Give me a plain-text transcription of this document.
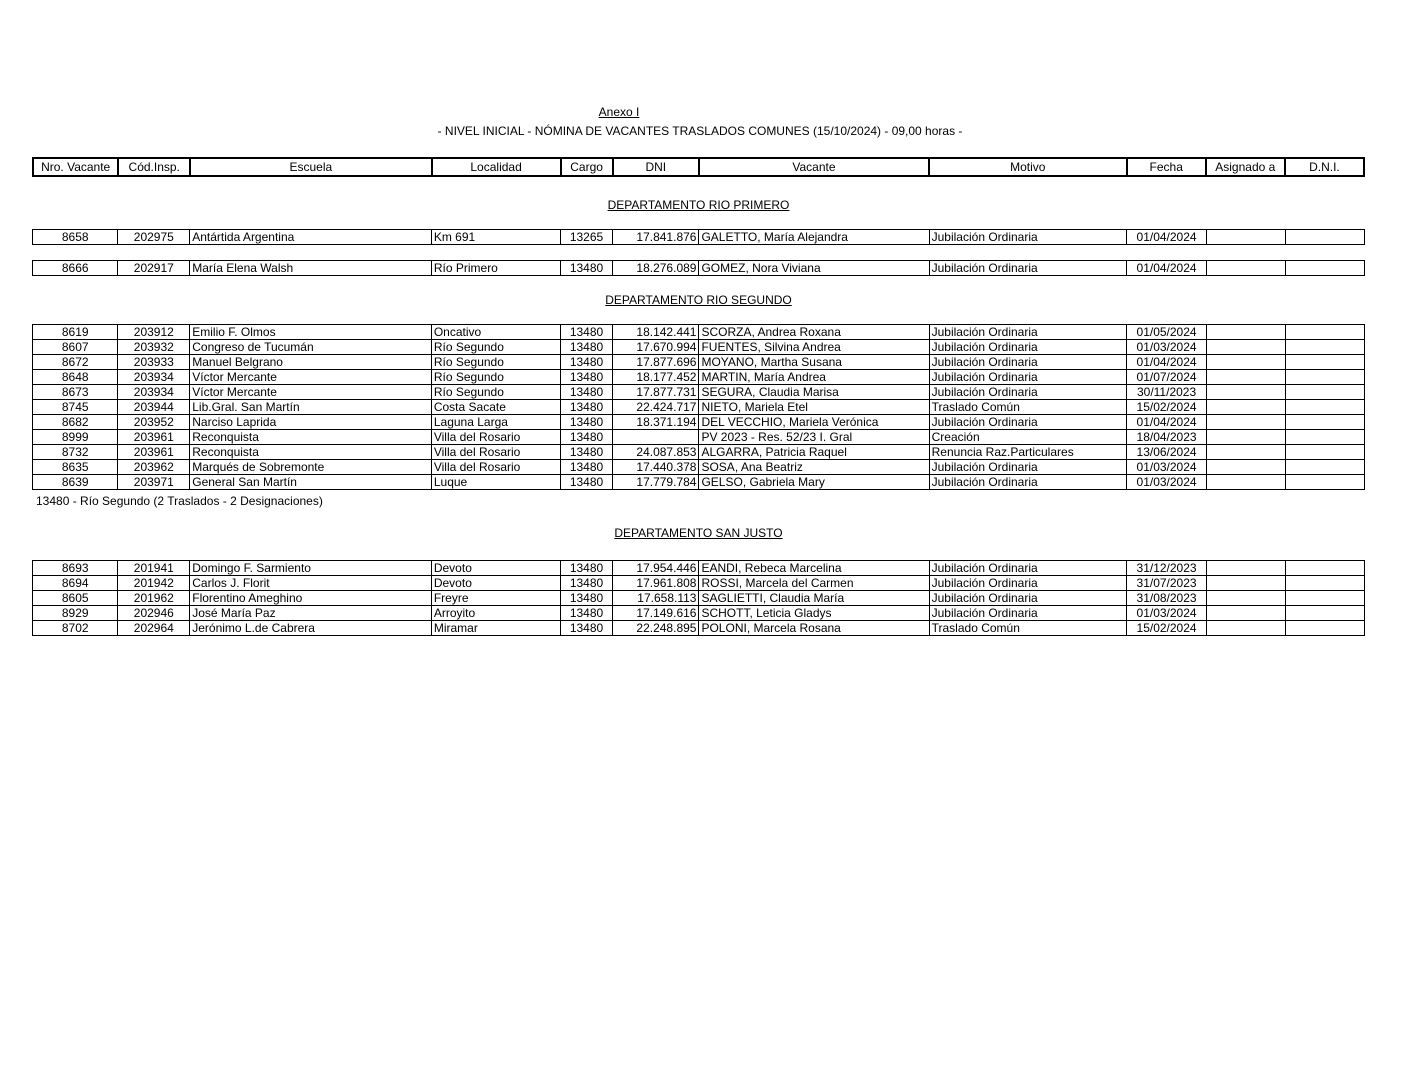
Anexo I
- NIVEL INICIAL - NÓMINA DE VACANTES TRASLADOS COMUNES (15/10/2024) - 09,00 horas -
Nro. Vacante	Cód.Insp.	Escuela	Localidad	Cargo	DNI	Vacante	Motivo	Fecha	Asignado a	D.N.I.
DEPARTAMENTO RIO PRIMERO
8658	202975	Antártida Argentina	Km 691	13265	17.841.876	GALETTO, María Alejandra	Jubilación Ordinaria	01/04/2024		
8666	202917	María Elena Walsh	Río Primero	13480	18.276.089	GOMEZ, Nora Viviana	Jubilación Ordinaria	01/04/2024		
DEPARTAMENTO RIO SEGUNDO
8619	203912	Emilio F. Olmos	Oncativo	13480	18.142.441	SCORZA, Andrea Roxana	Jubilación Ordinaria	01/05/2024		
8607	203932	Congreso de Tucumán	Río Segundo	13480	17.670.994	FUENTES, Silvina Andrea	Jubilación Ordinaria	01/03/2024		
8672	203933	Manuel Belgrano	Río Segundo	13480	17.877.696	MOYANO, Martha Susana	Jubilación Ordinaria	01/04/2024		
8648	203934	Víctor Mercante	Río Segundo	13480	18.177.452	MARTIN, María Andrea	Jubilación Ordinaria	01/07/2024		
8673	203934	Víctor Mercante	Río Segundo	13480	17.877.731	SEGURA, Claudia Marisa	Jubilación Ordinaria	30/11/2023		
8745	203944	Lib.Gral. San Martín	Costa Sacate	13480	22.424.717	NIETO, Mariela Etel	Traslado Común	15/02/2024		
8682	203952	Narciso Laprida	Laguna Larga	13480	18.371.194	DEL VECCHIO, Mariela Verónica	Jubilación Ordinaria	01/04/2024		
8999	203961	Reconquista	Villa del Rosario	13480		PV 2023 - Res. 52/23 I. Gral	Creación	18/04/2023		
8732	203961	Reconquista	Villa del Rosario	13480	24.087.853	ALGARRA, Patricia Raquel	Renuncia Raz.Particulares	13/06/2024		
8635	203962	Marqués de Sobremonte	Villa del Rosario	13480	17.440.378	SOSA, Ana Beatriz	Jubilación Ordinaria	01/03/2024		
8639	203971	General San Martín	Luque	13480	17.779.784	GELSO, Gabriela Mary	Jubilación Ordinaria	01/03/2024		
13480 - Río Segundo (2 Traslados - 2 Designaciones)
DEPARTAMENTO SAN JUSTO
8693	201941	Domingo F. Sarmiento	Devoto	13480	17.954.446	EANDI, Rebeca Marcelina	Jubilación Ordinaria	31/12/2023		
8694	201942	Carlos J. Florit	Devoto	13480	17.961.808	ROSSI, Marcela del Carmen	Jubilación Ordinaria	31/07/2023		
8605	201962	Florentino Ameghino	Freyre	13480	17.658.113	SAGLIETTI, Claudia María	Jubilación Ordinaria	31/08/2023		
8929	202946	José María Paz	Arroyito	13480	17.149.616	SCHOTT, Leticia Gladys	Jubilación Ordinaria	01/03/2024		
8702	202964	Jerónimo L.de Cabrera	Miramar	13480	22.248.895	POLONI, Marcela Rosana	Traslado Común	15/02/2024		
